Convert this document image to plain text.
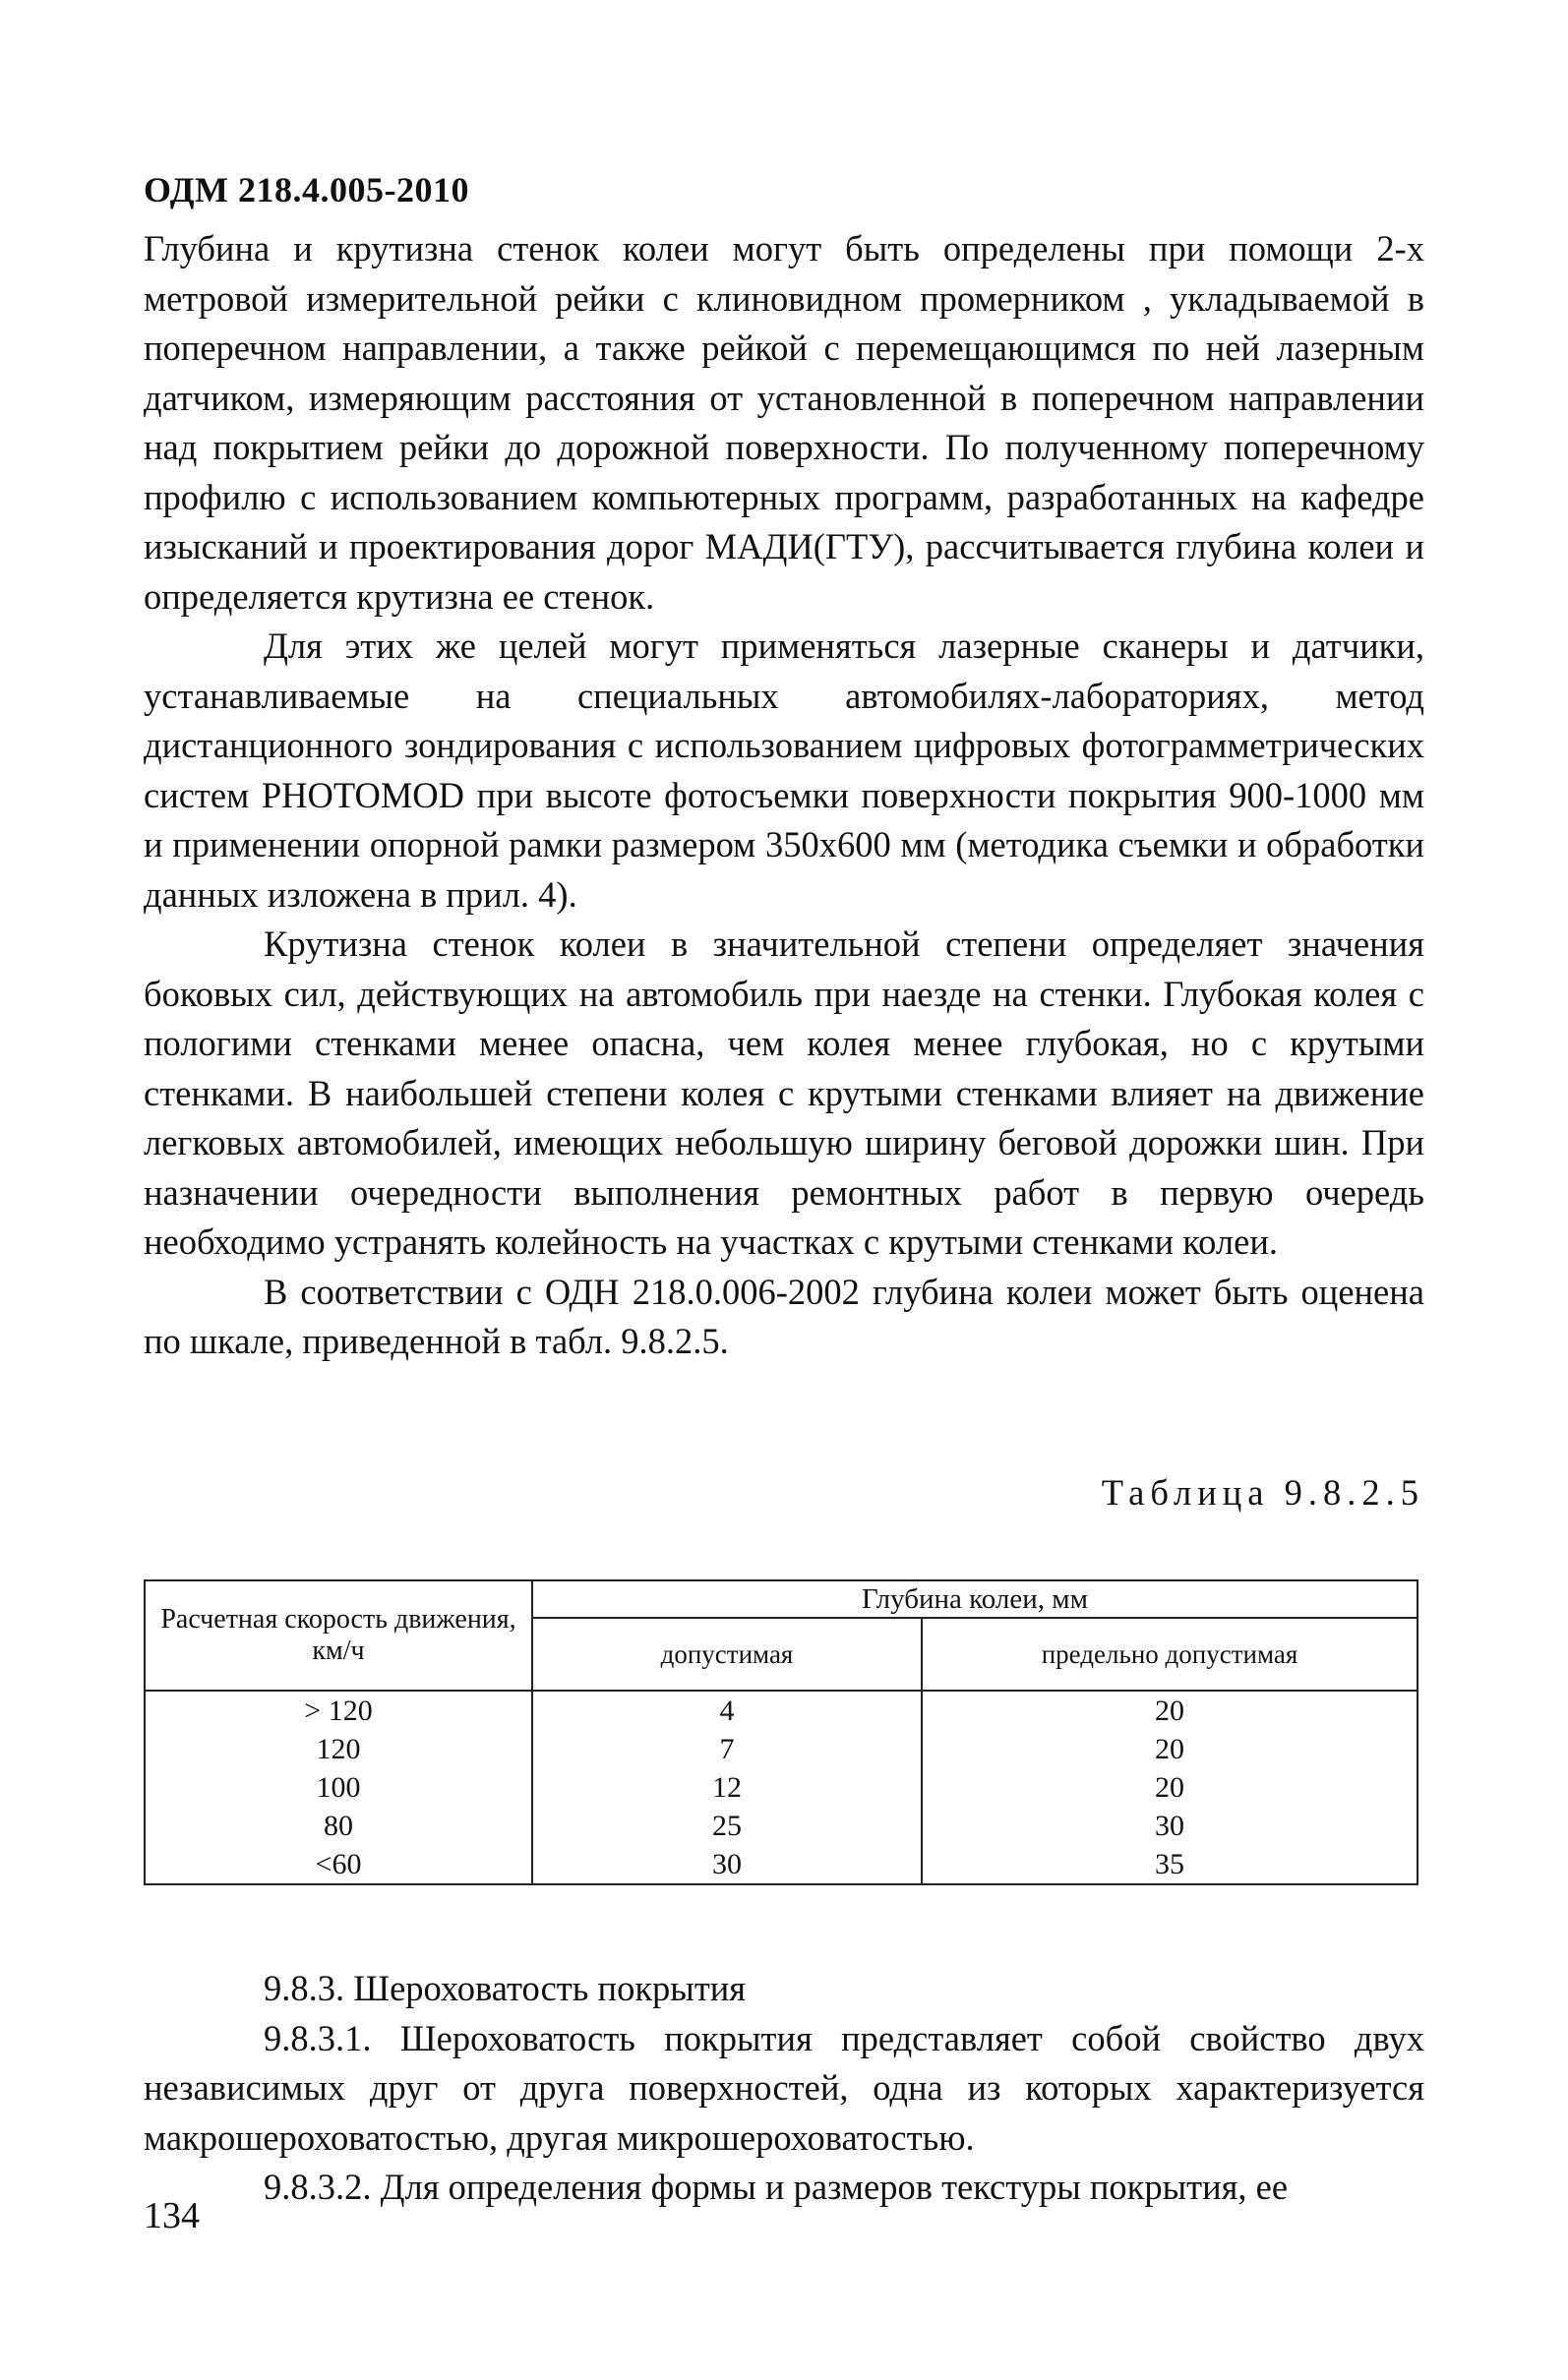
ОДМ 218.4.005-2010

Глубина и крутизна стенок колеи могут быть определены при помощи 2-х метровой измерительной рейки с клиновидном промерником , укладываемой в поперечном направлении, а также рейкой с перемещающимся по ней лазерным датчиком, измеряющим расстояния от установленной в поперечном направлении над покрытием рейки до дорожной поверхности. По полученному поперечному профилю с использованием компьютерных программ, разработанных на кафедре изысканий и проектирования дорог МАДИ(ГТУ), рассчитывается глубина колеи и определяется крутизна ее стенок.

Для этих же целей могут применяться лазерные сканеры и датчики, устанавливаемые на специальных автомобилях-лабораториях, метод дистанционного зондирования с использованием цифровых фотограмметрических систем PHOTOMOD при высоте фотосъемки поверхности покрытия 900-1000 мм и применении опорной рамки размером 350х600 мм (методика съемки и обработки данных изложена в прил. 4).

Крутизна стенок колеи в значительной степени определяет значения боковых сил, действующих на автомобиль при наезде на стенки. Глубокая колея с пологими стенками менее опасна, чем колея менее глубокая, но с крутыми стенками. В наибольшей степени колея с крутыми стенками влияет на движение легковых автомобилей, имеющих небольшую ширину беговой дорожки шин. При назначении очередности выполнения ремонтных работ в первую очередь необходимо устранять колейность на участках с крутыми стенками колеи.

В соответствии с ОДН 218.0.006-2002 глубина колеи может быть оценена по шкале, приведенной в табл. 9.8.2.5.

Таблица 9.8.2.5
Расчетная скорость движения, км/ч	Глубина колеи, мм	
	допустимая	предельно допустимая
> 120	4	20
120	7	20
100	12	20
80	25	30
<60	30	35

9.8.3. Шероховатость покрытия

9.8.3.1. Шероховатость покрытия представляет собой свойство двух независимых друг от друга поверхностей, одна из которых характеризуется макрошероховатостью, другая микрошероховатостью.

9.8.3.2. Для определения формы и размеров текстуры покрытия, ее

134
